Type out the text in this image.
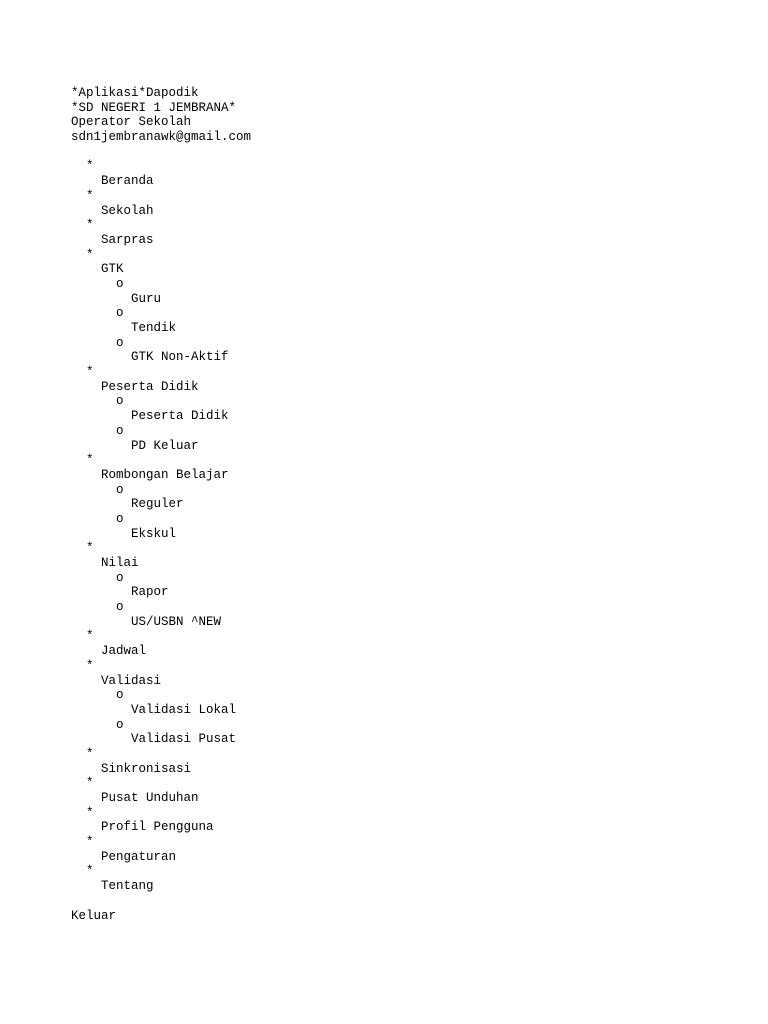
*Aplikasi*Dapodik
*SD NEGERI 1 JEMBRANA*
Operator Sekolah
sdn1jembranawk@gmail.com
*
Beranda
*
Sekolah
*
Sarpras
*
GTK
o
Guru
o
Tendik
o
GTK Non-Aktif
*
Peserta Didik
o
Peserta Didik
o
PD Keluar
*
Rombongan Belajar
o
Reguler
o
Ekskul
*
Nilai
o
Rapor
o
US/USBN ^NEW
*
Jadwal
*
Validasi
o
Validasi Lokal
o
Validasi Pusat
*
Sinkronisasi
*
Pusat Unduhan
*
Profil Pengguna
*
Pengaturan
*
Tentang
Keluar
